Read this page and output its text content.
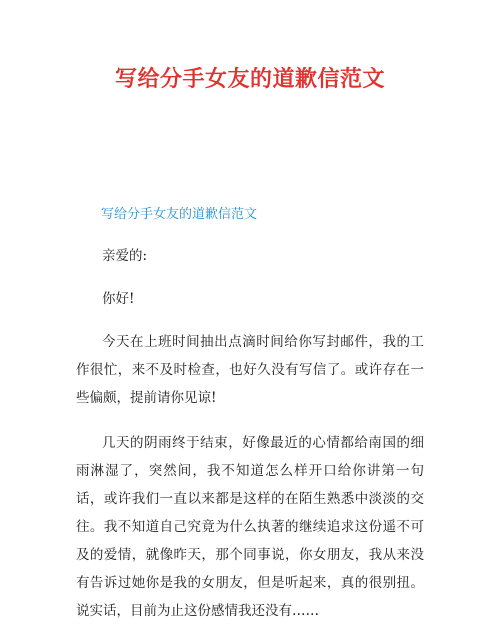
写给分手女友的道歉信范文
写给分手女友的道歉信范文

亲爱的:

你好!

今天在上班时间抽出点滴时间给你写封邮件，我的工作很忙，来不及时检查，也好久没有写信了。或许存在一些偏颇，提前请你见谅!

几天的阴雨终于结束，好像最近的心情都给南国的细雨淋湿了，突然间，我不知道怎么样开口给你讲第一句话，或许我们一直以来都是这样的在陌生熟悉中淡淡的交往。我不知道自己究竟为什么执著的继续追求这份遥不可及的爱情，就像昨天，那个同事说，你女朋友，我从来没有告诉过她你是我的女朋友，但是听起来，真的很别扭。说实话，目前为止这份感情我还没有……
